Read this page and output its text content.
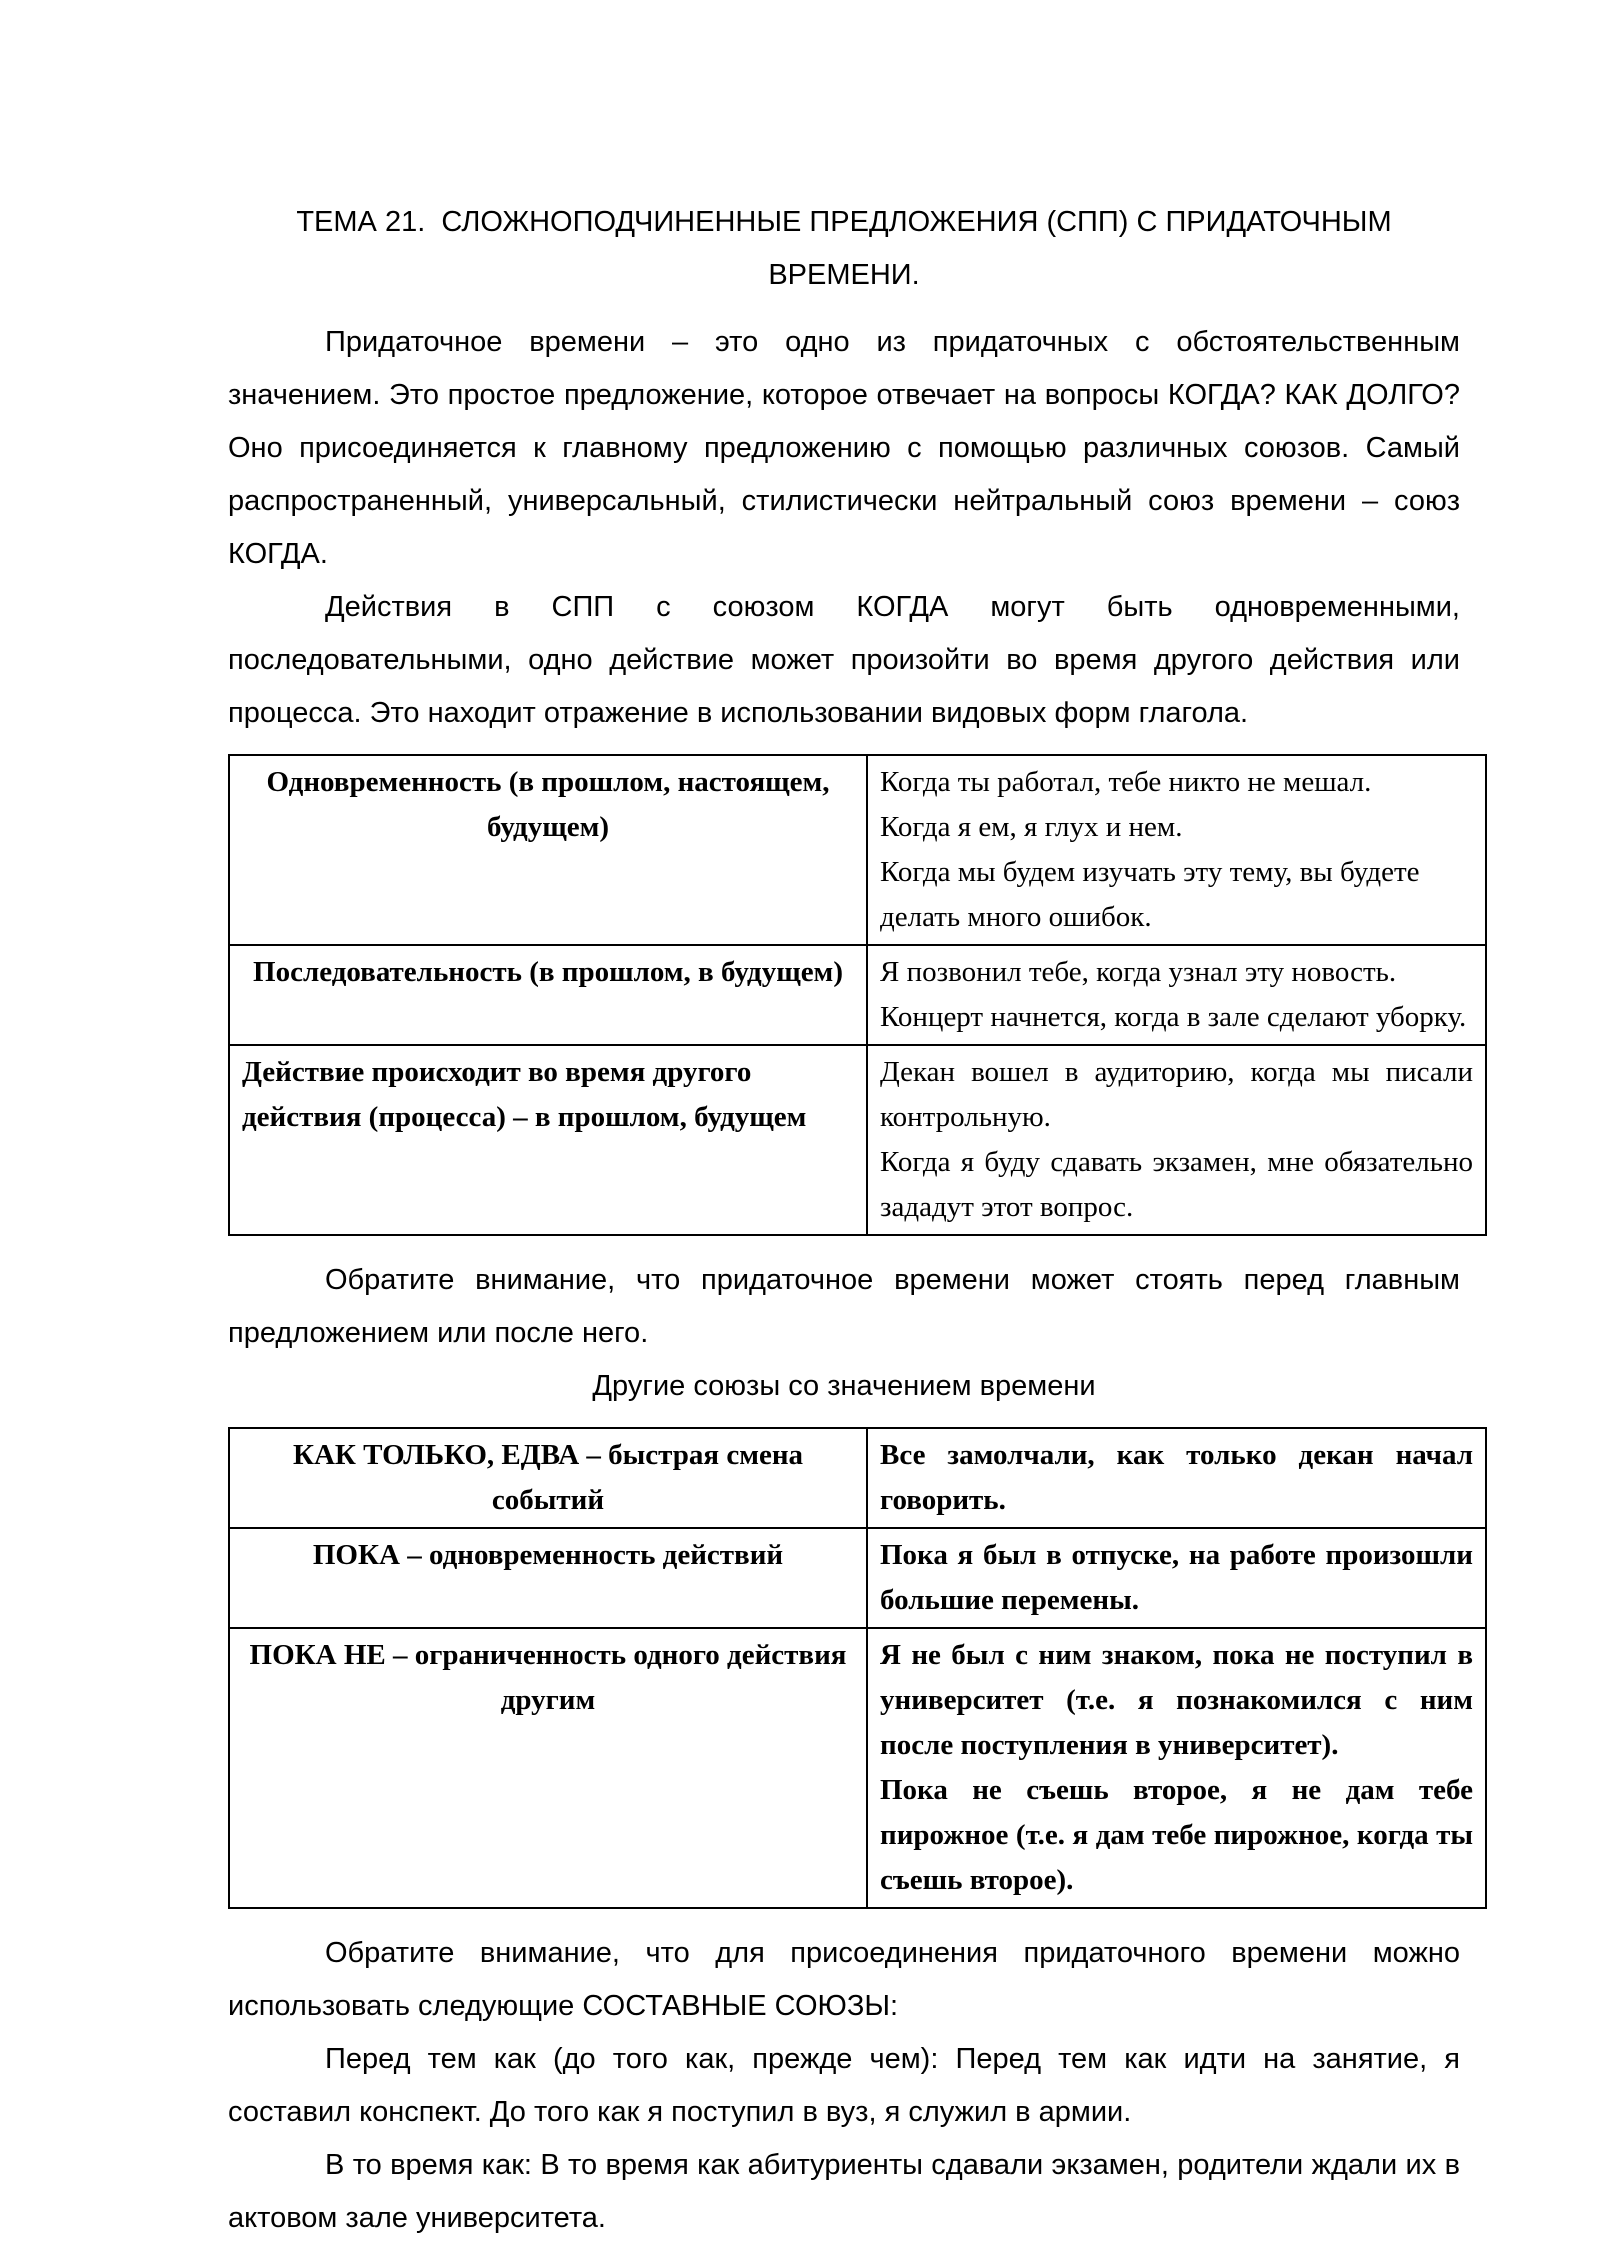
ТЕМА 21.  СЛОЖНОПОДЧИНЕННЫЕ ПРЕДЛОЖЕНИЯ (СПП) С ПРИДАТОЧНЫМ ВРЕМЕНИ.

Придаточное времени – это одно из придаточных с обстоятельственным значением. Это простое предложение, которое отвечает на вопросы КОГДА? КАК ДОЛГО? Оно присоединяется к главному предложению с помощью различных союзов. Самый распространенный, универсальный, стилистически нейтральный союз времени – союз КОГДА.

Действия в СПП с союзом КОГДА могут быть одновременными, последовательными, одно действие может произойти во время другого действия или процесса. Это находит отражение в использовании видовых форм глагола.

Одновременность (в прошлом, настоящем, будущем)	Когда ты работал, тебе никто не мешал.

Когда я ем, я глух и нем.

Когда мы будем изучать эту тему, вы будете делать много ошибок.

Последовательность (в прошлом, в будущем)	Я позвонил тебе, когда узнал эту новость.

Концерт начнется, когда в зале сделают уборку.

Действие происходит во время другого действия (процесса) – в прошлом, будущем	Декан вошел в аудиторию, когда мы писали контрольную.

Когда я буду сдавать экзамен, мне обязательно зададут этот вопрос.

Обратите внимание, что придаточное времени может стоять перед главным предложением или после него.

Другие союзы со значением времени
КАК ТОЛЬКО, ЕДВА – быстрая смена событий	Все замолчали, как только декан начал говорить.

ПОКА – одновременность действий	Пока я был в отпуске, на работе произошли большие перемены.

ПОКА НЕ – ограниченность одного действия другим	Я не был с ним знаком, пока не поступил в университет (т.е. я познакомился с ним после поступления в университет).

Пока не съешь второе, я не дам тебе пирожное (т.е. я дам тебе пирожное, когда ты съешь второе).

Обратите внимание, что для присоединения придаточного времени можно использовать следующие СОСТАВНЫЕ СОЮЗЫ:

Перед тем как (до того как, прежде чем): Перед тем как идти на занятие, я составил конспект. До того как я поступил в вуз, я служил в армии.

В то время как: В то время как абитуриенты сдавали экзамен, родители ждали их в актовом зале университета.
